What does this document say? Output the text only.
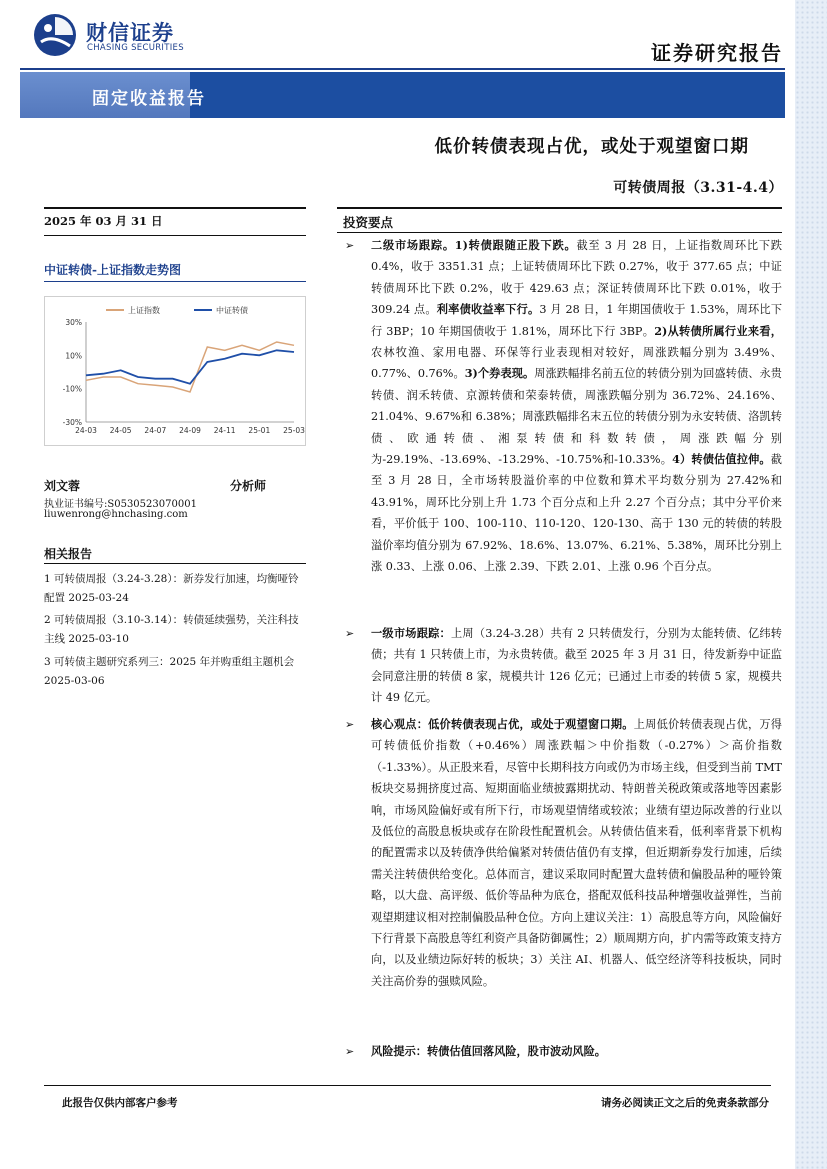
财信证券
CHASING SECURITIES	证券研究报告
固定收益报告
低价转债表现占优，或处于观望窗口期
可转债周报（3.31-4.4）
2025 年 03 月 31 日
中证转债-上证指数走势图
30%
10%
-10%
-30%
24-03 24-05 24-07 24-09 24-11 25-01 25-03
上证指数	中证转债
刘文蓉	分析师
执业证书编号:S0530523070001
liuwenrong@hnchasing.com
相关报告
1 可转债周报（3.24-3.28）：新券发行加速，均衡哑铃配置 2025-03-24
2 可转债周报（3.10-3.14）：转债延续强势，关注科技主线 2025-03-10
3 可转债主题研究系列三：2025 年并购重组主题机会 2025-03-06
投资要点
➢ 二级市场跟踪。1)转债跟随正股下跌。截至 3 月 28 日，上证指数周环比下跌 0.4%，收于 3351.31 点；上证转债周环比下跌 0.27%，收于 377.65 点；中证转债周环比下跌 0.2%，收于 429.63 点；深证转债周环比下跌 0.01%，收于 309.24 点。利率债收益率下行。3 月 28 日，1 年期国债收于 1.53%，周环比下行 3BP；10 年期国债收于 1.81%，周环比下行 3BP。2)从转债所属行业来看，农林牧渔、家用电器、环保等行业表现相对较好，周涨跌幅分别为 3.49%、0.77%、0.76%。3)个券表现。周涨跌幅排名前五位的转债分别为回盛转债、永贵转债、润禾转债、京源转债和荣泰转债，周涨跌幅分别为 36.72%、24.16%、21.04%、9.67%和 6.38%；周涨跌幅排名末五位的转债分别为永安转债、洛凯转债、欧通转债、湘泵转债和科数转债，周涨跌幅分别为-29.19%、-13.69%、-13.29%、-10.75%和-10.33%。4）转债估值拉伸。截至 3 月 28 日，全市场转股溢价率的中位数和算术平均数分别为 27.42%和 43.91%，周环比分别上升 1.73 个百分点和上升 2.27 个百分点；其中分平价来看，平价低于 100、100-110、110-120、120-130、高于 130 元的转债的转股溢价率均值分别为 67.92%、18.6%、13.07%、6.21%、5.38%，周环比分别上涨 0.33、上涨 0.06、上涨 2.39、下跌 2.01、上涨 0.96 个百分点。
➢ 一级市场跟踪：上周（3.24-3.28）共有 2 只转债发行，分别为太能转债、亿纬转债；共有 1 只转债上市，为永贵转债。截至 2025 年 3 月 31 日，待发新券中证监会同意注册的转债 8 家，规模共计 126 亿元；已通过上市委的转债 5 家，规模共计 49 亿元。
➢ 核心观点：低价转债表现占优，或处于观望窗口期。上周低价转债表现占优，万得可转债低价指数（+0.46%）周涨跌幅＞中价指数（-0.27%）＞高价指数（-1.33%）。从正股来看，尽管中长期科技方向或仍为市场主线，但受到当前 TMT 板块交易拥挤度过高、短期面临业绩披露期扰动、特朗普关税政策或落地等因素影响，市场风险偏好或有所下行，市场观望情绪或较浓；业绩有望边际改善的行业以及低位的高股息板块或存在阶段性配置机会。从转债估值来看，低利率背景下机构的配置需求以及转债净供给偏紧对转债估值仍有支撑，但近期新券发行加速，后续需关注转债供给变化。总体而言，建议采取同时配置大盘转债和偏股品种的哑铃策略，以大盘、高评级、低价等品种为底仓，搭配双低科技品种增强收益弹性，当前观望期建议相对控制偏股品种仓位。方向上建议关注：1）高股息等方向，风险偏好下行背景下高股息等红利资产具备防御属性；2）顺周期方向，扩内需等政策支持方向，以及业绩边际好转的板块；3）关注 AI、机器人、低空经济等科技板块，同时关注高价券的强赎风险。
➢ 风险提示：转债估值回落风险，股市波动风险。
此报告仅供内部客户参考	请务必阅读正文之后的免责条款部分
